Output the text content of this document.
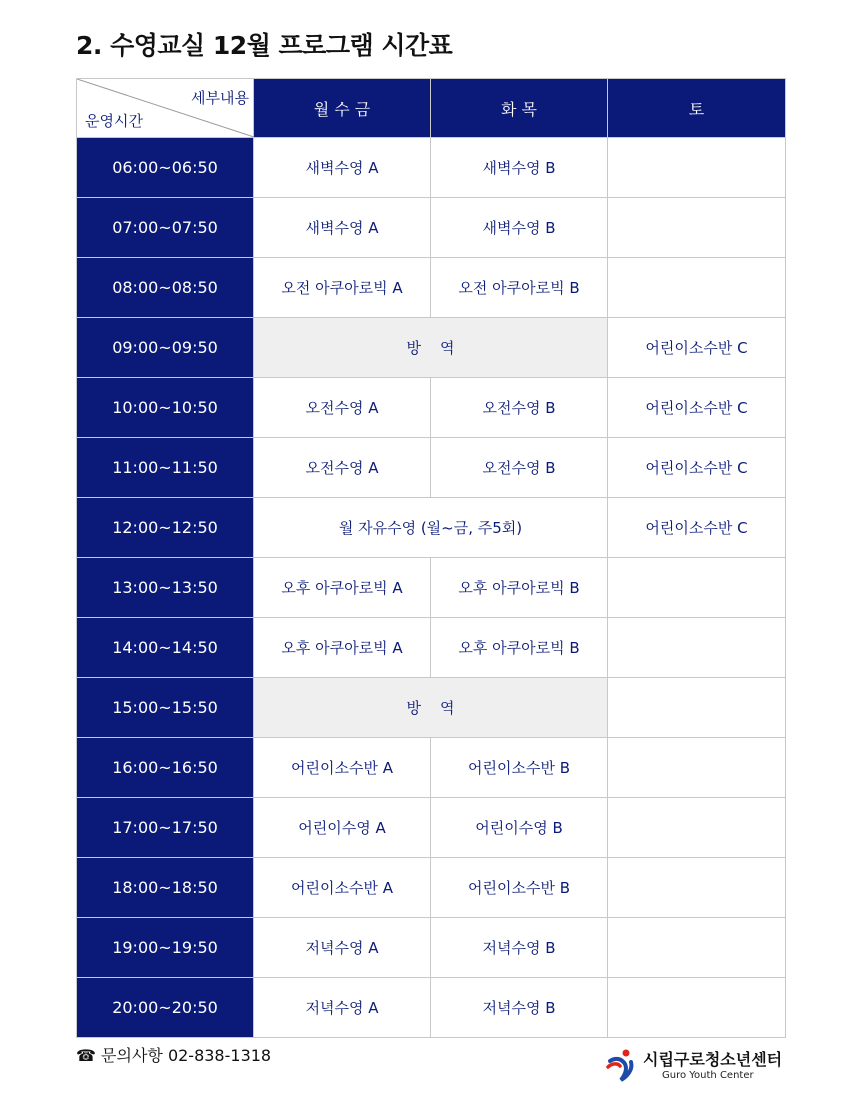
2. 수영교실 12월 프로그램 시간표
세부내용
운영시간	월 수 금	화 목	토
06:00~06:50	새벽수영 A	새벽수영 B	
07:00~07:50	새벽수영 A	새벽수영 B	
08:00~08:50	오전 아쿠아로빅 A	오전 아쿠아로빅 B	
09:00~09:50	방    역		어린이소수반 C
10:00~10:50	오전수영 A	오전수영 B	어린이소수반 C
11:00~11:50	오전수영 A	오전수영 B	어린이소수반 C
12:00~12:50	월 자유수영 (월~금, 주5회)		어린이소수반 C
13:00~13:50	오후 아쿠아로빅 A	오후 아쿠아로빅 B	
14:00~14:50	오후 아쿠아로빅 A	오후 아쿠아로빅 B	
15:00~15:50	방    역		
16:00~16:50	어린이소수반 A	어린이소수반 B	
17:00~17:50	어린이수영 A	어린이수영 B	
18:00~18:50	어린이소수반 A	어린이소수반 B	
19:00~19:50	저녁수영 A	저녁수영 B	
20:00~20:50	저녁수영 A	저녁수영 B	
☎ 문의사항 02-838-1318	시립구로청소년센터
Guro Youth Center
